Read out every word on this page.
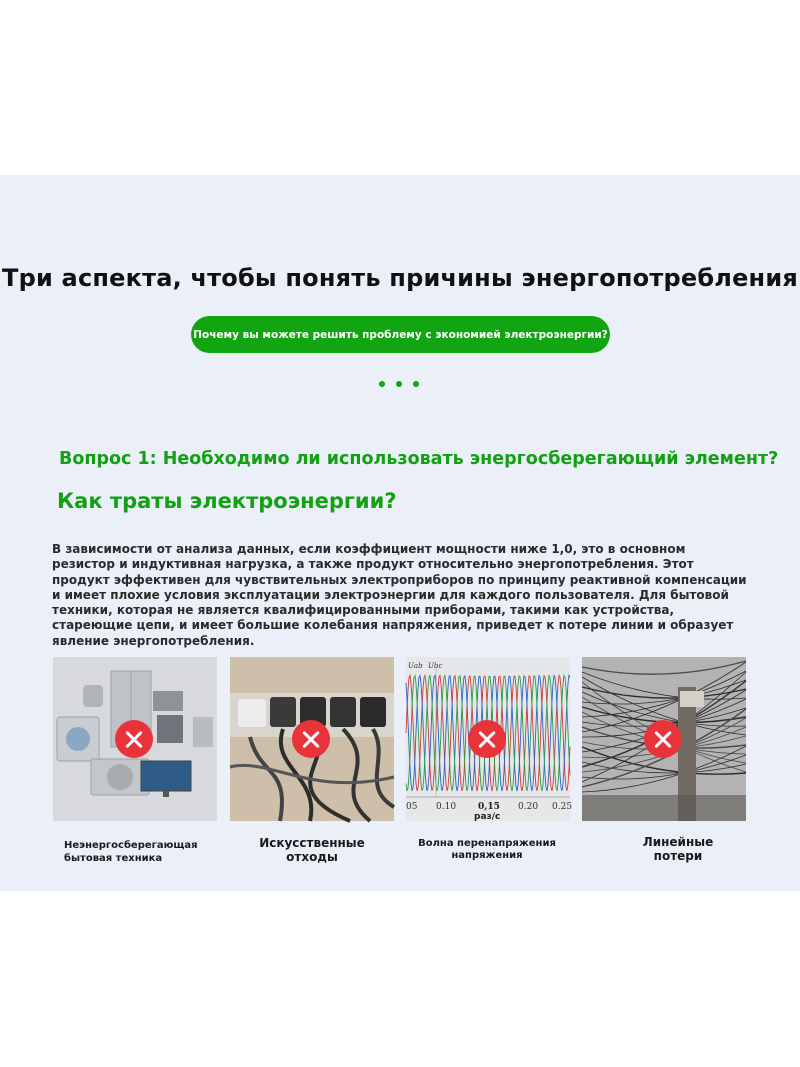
Три аспекта, чтобы понять причины энергопотребления
Почему вы можете решить проблему с экономией электроэнергии?
Вопрос 1: Необходимо ли использовать энергосберегающий элемент?
Как траты электроэнергии?
В зависимости от анализа данных, если коэффициент мощности ниже 1,0, это в основном резистор и индуктивная нагрузка, а также продукт относительно энергопотребления. Этот продукт эффективен для чувствительных электроприборов по принципу реактивной компенсации и имеет плохие условия эксплуатации электроэнергии для каждого пользователя. Для бытовой техники, которая не является квалифицированными приборами, такими как устройства, стареющие цепи, и имеет большие колебания напряжения, приведет к потере линии и образует явление энергопотребления.
Uab Ubc
05 0.10 0,15 0.20 0.25
раз/с
Неэнергосберегающая
бытовая техника
Искусственные
отходы
Волна перенапряжения
напряжения
Линейные
потери
